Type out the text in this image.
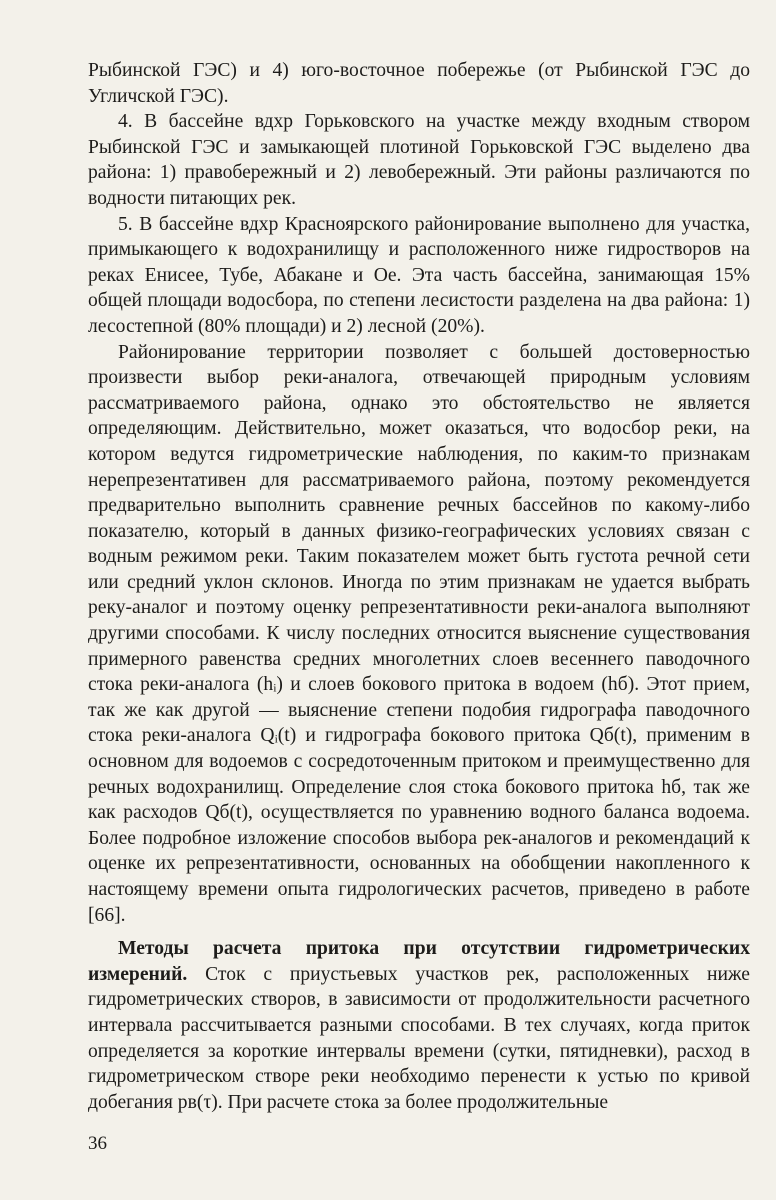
Рыбинской ГЭС) и 4) юго-восточное побережье (от Рыбинской ГЭС до Угличской ГЭС).

4. В бассейне вдхр Горьковского на участке между входным створом Рыбинской ГЭС и замыкающей плотиной Горьковской ГЭС выделено два района: 1) правобережный и 2) левобережный. Эти районы различаются по водности питающих рек.

5. В бассейне вдхр Красноярского районирование выполнено для участка, примыкающего к водохранилищу и расположенного ниже гидростворов на реках Енисее, Тубе, Абакане и Ое. Эта часть бассейна, занимающая 15% общей площади водосбора, по степени лесистости разделена на два района: 1) лесостепной (80% площади) и 2) лесной (20%).

Районирование территории позволяет с большей достоверностью произвести выбор реки-аналога, отвечающей природным условиям рассматриваемого района, однако это обстоятельство не является определяющим. Действительно, может оказаться, что водосбор реки, на котором ведутся гидрометрические наблюдения, по каким-то признакам нерепрезентативен для рассматриваемого района, поэтому рекомендуется предварительно выполнить сравнение речных бассейнов по какому-либо показателю, который в данных физико-географических условиях связан с водным режимом реки. Таким показателем может быть густота речной сети или средний уклон склонов. Иногда по этим признакам не удается выбрать реку-аналог и поэтому оценку репрезентативности реки-аналога выполняют другими способами. К числу последних относится выяснение существования примерного равенства средних многолетних слоев весеннего паводочного стока реки-аналога (hᵢ) и слоев бокового притока в водоем (hб). Этот прием, так же как другой — выяснение степени подобия гидрографа паводочного стока реки-аналога Qᵢ(t) и гидрографа бокового притока Qб(t), применим в основном для водоемов с сосредоточенным притоком и преимущественно для речных водохранилищ. Определение слоя стока бокового притока hб, так же как расходов Qб(t), осуществляется по уравнению водного баланса водоема. Более подробное изложение способов выбора рек-аналогов и рекомендаций к оценке их репрезентативности, основанных на обобщении накопленного к настоящему времени опыта гидрологических расчетов, приведено в работе [66].

Методы расчета притока при отсутствии гидрометрических измерений. Сток с приустьевых участков рек, расположенных ниже гидрометрических створов, в зависимости от продолжительности расчетного интервала рассчитывается разными способами. В тех случаях, когда приток определяется за короткие интервалы времени (сутки, пятидневки), расход в гидрометрическом створе реки необходимо перенести к устью по кривой добегания pв(τ). При расчете стока за более продолжительные

36
